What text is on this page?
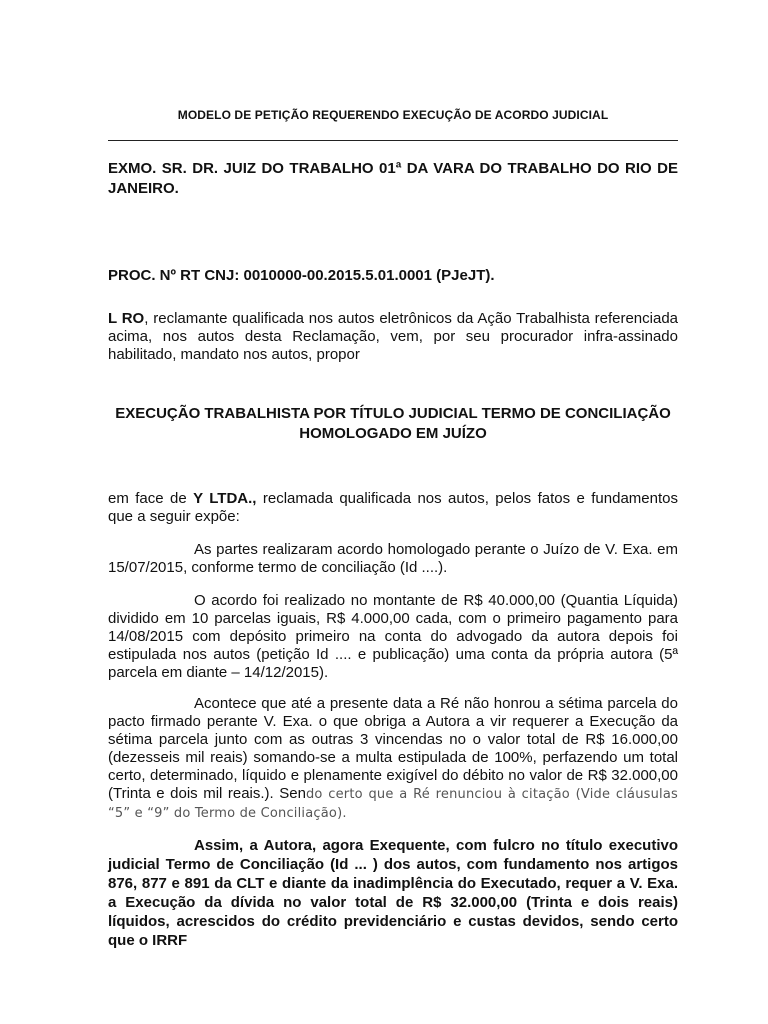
MODELO DE PETIÇÃO REQUERENDO EXECUÇÃO DE ACORDO JUDICIAL
EXMO. SR. DR. JUIZ DO TRABALHO 01ª DA VARA DO TRABALHO DO RIO DE JANEIRO.
PROC. Nº RT CNJ: 0010000-00.2015.5.01.0001 (PJeJT).
L RO, reclamante qualificada nos autos eletrônicos da Ação Trabalhista referenciada acima, nos autos desta Reclamação, vem, por seu procurador infra-assinado habilitado, mandato nos autos, propor
EXECUÇÃO TRABALHISTA POR TÍTULO JUDICIAL TERMO DE CONCILIAÇÃO HOMOLOGADO EM JUÍZO
em face de Y LTDA., reclamada qualificada nos autos, pelos fatos e fundamentos que a seguir expõe:
As partes realizaram acordo homologado perante o Juízo de V. Exa. em 15/07/2015, conforme termo de conciliação (Id ....).
O acordo foi realizado no montante de R$ 40.000,00 (Quantia Líquida) dividido em 10 parcelas iguais, R$ 4.000,00 cada, com o primeiro pagamento para 14/08/2015 com depósito primeiro na conta do advogado da autora depois foi estipulada nos autos (petição Id .... e publicação) uma conta da própria autora (5ª parcela em diante – 14/12/2015).
Acontece que até a presente data a Ré não honrou a sétima parcela do pacto firmado perante V. Exa. o que obriga a Autora a vir requerer a Execução da sétima parcela junto com as outras 3 vincendas no o valor total de R$ 16.000,00 (dezesseis mil reais) somando-se a multa estipulada de 100%, perfazendo um total certo, determinado, líquido e plenamente exigível do débito no valor de R$ 32.000,00 (Trinta e dois mil reais.). Sendo certo que a Ré renunciou à citação (Vide cláusulas “5” e “9” do Termo de Conciliação).
Assim, a Autora, agora Exequente, com fulcro no título executivo judicial Termo de Conciliação (Id ... ) dos autos, com fundamento nos artigos 876, 877 e 891 da CLT e diante da inadimplência do Executado, requer a V. Exa. a Execução da dívida no valor total de R$ 32.000,00 (Trinta e dois reais) líquidos, acrescidos do crédito previdenciário e custas devidos, sendo certo que o IRRF
